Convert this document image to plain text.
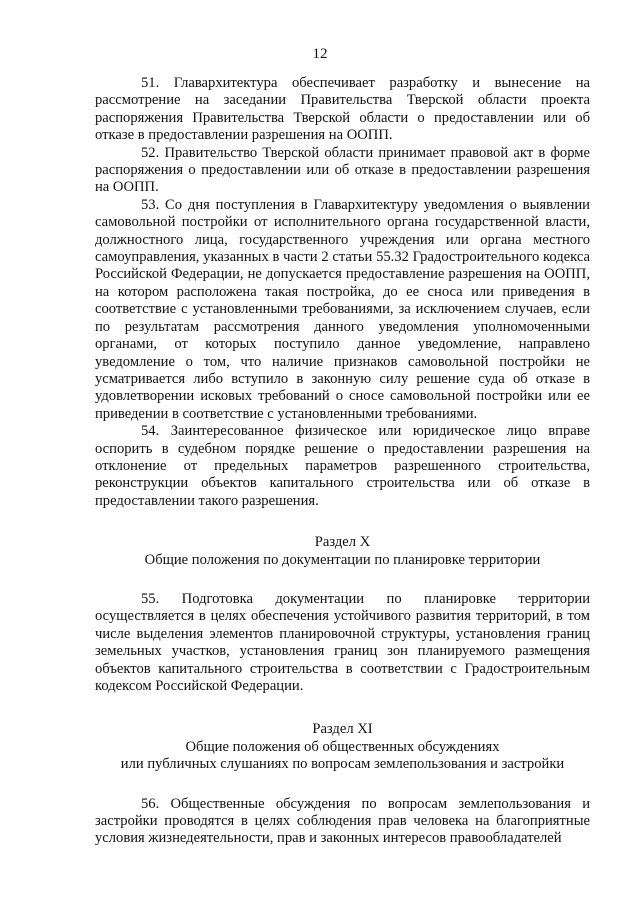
12

51. Главархитектура обеспечивает разработку и вынесение на рассмотрение на заседании Правительства Тверской области проекта распоряжения Правительства Тверской области о предоставлении или об отказе в предоставлении разрешения на ООПП.

52. Правительство Тверской области принимает правовой акт в форме распоряжения о предоставлении или об отказе в предоставлении разрешения на ООПП.

53. Со дня поступления в Главархитектуру уведомления о выявлении самовольной постройки от исполнительного органа государственной власти, должностного лица, государственного учреждения или органа местного самоуправления, указанных в части 2 статьи 55.32 Градостроительного кодекса Российской Федерации, не допускается предоставление разрешения на ООПП, на котором расположена такая постройка, до ее сноса или приведения в соответствие с установленными требованиями, за исключением случаев, если по результатам рассмотрения данного уведомления уполномоченными органами, от которых поступило данное уведомление, направлено уведомление о том, что наличие признаков самовольной постройки не усматривается либо вступило в законную силу решение суда об отказе в удовлетворении исковых требований о сносе самовольной постройки или ее приведении в соответствие с установленными требованиями.

54. Заинтересованное физическое или юридическое лицо вправе оспорить в судебном порядке решение о предоставлении разрешения на отклонение от предельных параметров разрешенного строительства, реконструкции объектов капитального строительства или об отказе в предоставлении такого разрешения.

Раздел X
Общие положения по документации по планировке территории

55. Подготовка документации по планировке территории осуществляется в целях обеспечения устойчивого развития территорий, в том числе выделения элементов планировочной структуры, установления границ земельных участков, установления границ зон планируемого размещения объектов капитального строительства в соответствии с Градостроительным кодексом Российской Федерации.

Раздел XI
Общие положения об общественных обсуждениях
или публичных слушаниях по вопросам землепользования и застройки

56. Общественные обсуждения по вопросам землепользования и застройки проводятся в целях соблюдения прав человека на благоприятные условия жизнедеятельности, прав и законных интересов правообладателей
